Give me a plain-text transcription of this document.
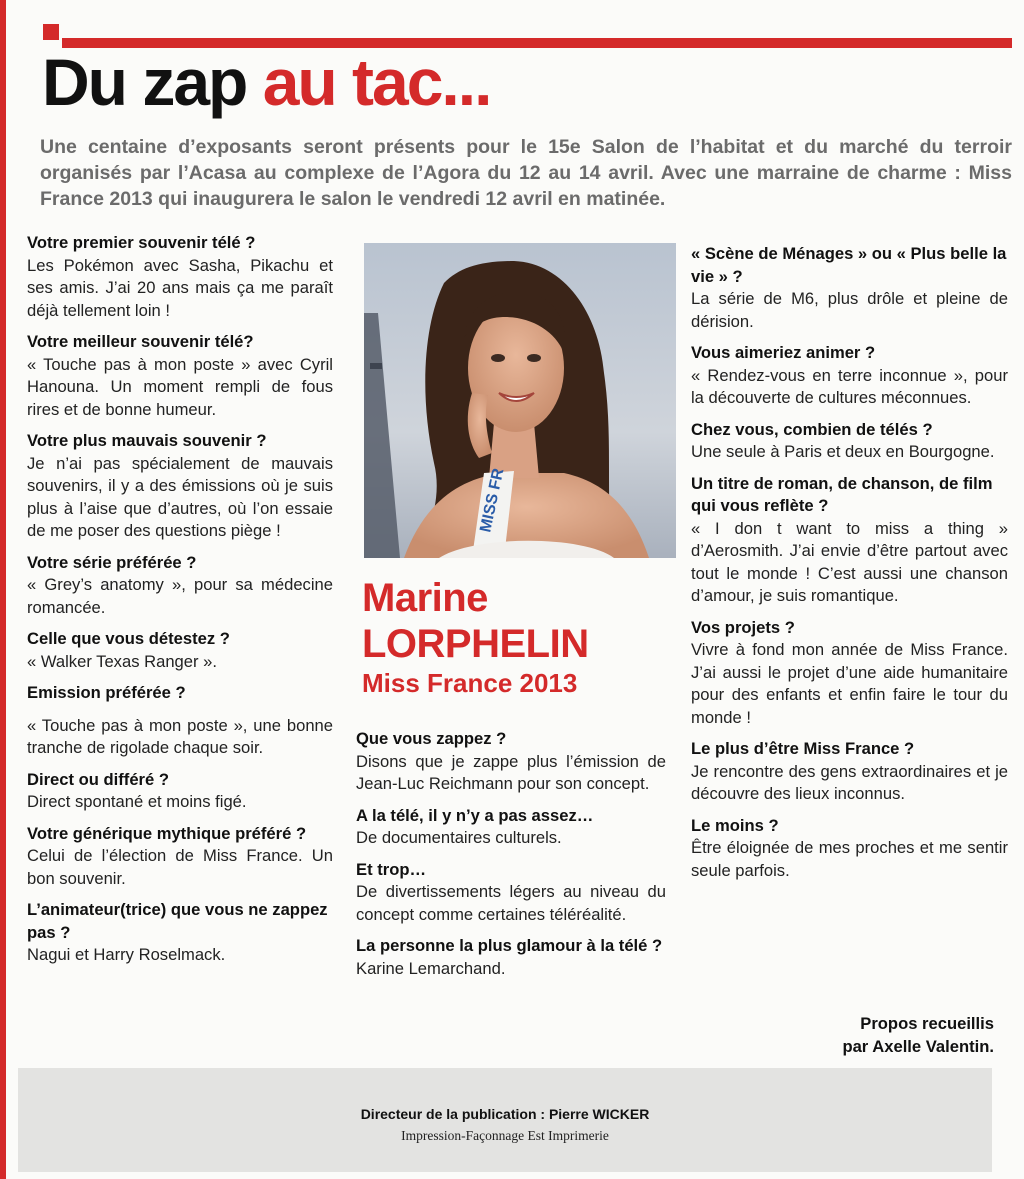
Du zap au tac...

Une centaine d’exposants seront présents pour le 15e Salon de l’habitat et du marché du terroir organisés par l’Acasa au complexe de l’Agora du 12 au 14 avril. Avec une marraine de charme : Miss France 2013 qui inaugurera le salon le vendredi 12 avril en matinée.

Votre premier souvenir télé ?

Les Pokémon avec Sasha, Pikachu et ses amis. J’ai 20 ans mais ça me paraît déjà tellement loin !

Votre meilleur souvenir télé?

« Touche pas à mon poste » avec Cyril Hanouna. Un moment rempli de fous rires et de bonne humeur.

Votre plus mauvais souvenir ?

Je n’ai pas spécialement de mauvais souvenirs, il y a des émissions où je suis plus à l’aise que d’autres, où l’on essaie de me poser des questions piège !

Votre série préférée ?

« Grey’s anatomy », pour sa médecine romancée.

Celle que vous détestez ?

« Walker Texas Ranger ».

Emission préférée ?

« Touche pas à mon poste », une bonne tranche de rigolade chaque soir.

Direct ou différé ?

Direct spontané et moins figé.

Votre générique mythique préféré ?

Celui de l’élection de Miss France. Un bon souvenir.

L’animateur(trice) que vous ne zappez pas ?

Nagui et Harry Roselmack.

MISS FR
Marine
LORPHELIN
Miss France 2013

Que vous zappez ?

Disons que je zappe plus l’émission de Jean-Luc Reichmann pour son concept.

A la télé, il y n’y a pas assez…

De documentaires culturels.

Et trop…

De divertissements légers au niveau du concept comme certaines téléréalité.

La personne la plus glamour à la télé ?

Karine Lemarchand.

« Scène de Ménages » ou « Plus belle la vie » ?

La série de M6, plus drôle et pleine de dérision.

Vous aimeriez animer ?

« Rendez-vous en terre inconnue », pour la découverte de cultures méconnues.

Chez vous, combien de télés ?

Une seule à Paris et deux en Bourgogne.

Un titre de roman, de chanson, de film qui vous reflète ?

« I don t want to miss a thing » d’Aerosmith. J’ai envie d’être partout avec tout le monde ! C’est aussi une chanson d’amour, je suis romantique.

Vos projets ?

Vivre à fond mon année de Miss France. J’ai aussi le projet d’une aide humanitaire pour des enfants et enfin faire le tour du monde !

Le plus d’être Miss France ?

Je rencontre des gens extraordinaires et je découvre des lieux inconnus.

Le moins ?

Être éloignée de mes proches et me sentir seule parfois.

Propos recueillis
par Axelle Valentin.
Directeur de la publication : Pierre WICKER
Impression-Façonnage Est Imprimerie
